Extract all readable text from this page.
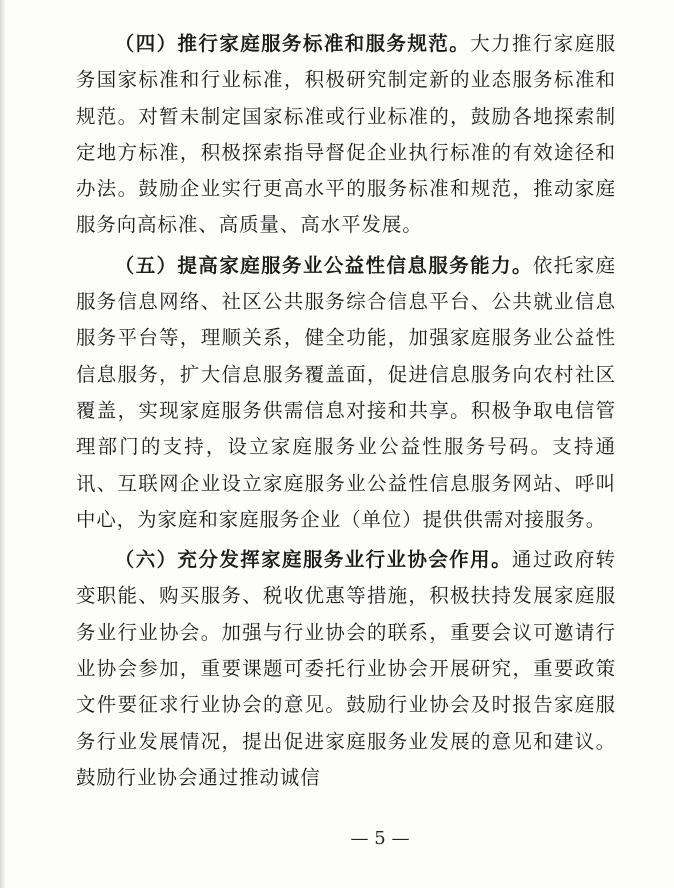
（四）推行家庭服务标准和服务规范。大力推行家庭服务国家标准和行业标准，积极研究制定新的业态服务标准和规范。对暂未制定国家标准或行业标准的，鼓励各地探索制定地方标准，积极探索指导督促企业执行标准的有效途径和办法。鼓励企业实行更高水平的服务标准和规范，推动家庭服务向高标准、高质量、高水平发展。

（五）提高家庭服务业公益性信息服务能力。依托家庭服务信息网络、社区公共服务综合信息平台、公共就业信息服务平台等，理顺关系，健全功能，加强家庭服务业公益性信息服务，扩大信息服务覆盖面，促进信息服务向农村社区覆盖，实现家庭服务供需信息对接和共享。积极争取电信管理部门的支持，设立家庭服务业公益性服务号码。支持通讯、互联网企业设立家庭服务业公益性信息服务网站、呼叫中心，为家庭和家庭服务企业（单位）提供供需对接服务。

（六）充分发挥家庭服务业行业协会作用。通过政府转变职能、购买服务、税收优惠等措施，积极扶持发展家庭服务业行业协会。加强与行业协会的联系，重要会议可邀请行业协会参加，重要课题可委托行业协会开展研究，重要政策文件要征求行业协会的意见。鼓励行业协会及时报告家庭服务行业发展情况，提出促进家庭服务业发展的意见和建议。鼓励行业协会通过推动诚信

— 5 —
